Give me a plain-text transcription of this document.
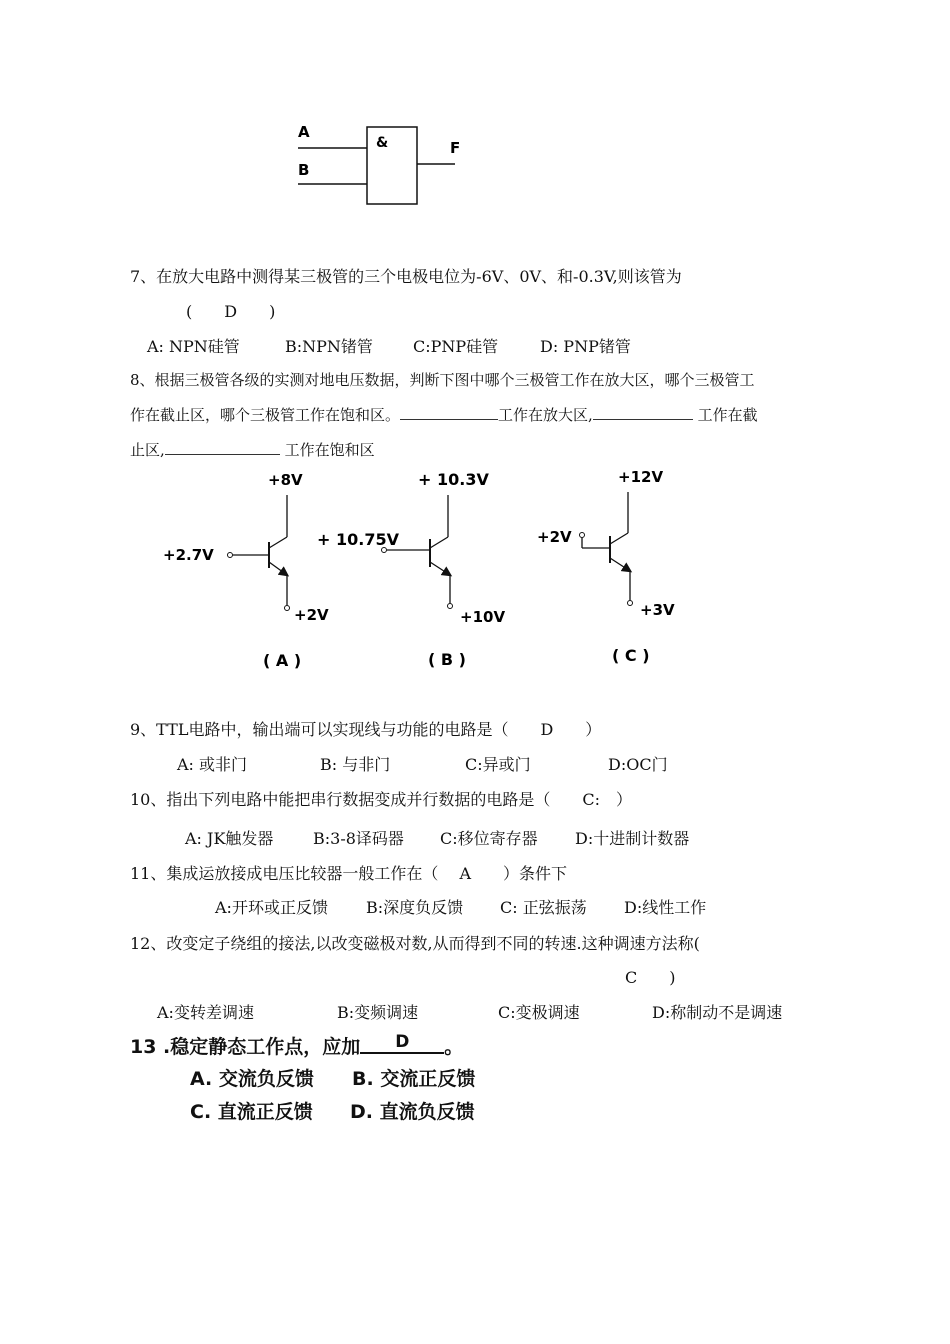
A
B
&	F
7、在放大电路中测得某三极管的三个电极电位为-6V、0V、和-0.3V,则该管为
(　　D　　)
A: NPN硅管	B:NPN锗管	C:PNP硅管	D: PNP锗管
8、根据三极管各级的实测对地电压数据，判断下图中哪个三极管工作在放大区，哪个三极管工
作在截止区，哪个三极管工作在饱和区。	工作在放大区,	工作在截
止区,	工作在饱和区
+8V
+2.7V
+2V
( A )
+ 10.3V
+ 10.75V
+10V
( B )
+12V
+2V
+3V
( C )
9、TTL电路中，输出端可以实现线与功能的电路是（　　D　　）
A: 或非门	B: 与非门	C:异或门	D:OC门
10、指出下列电路中能把串行数据变成并行数据的电路是（　　C:　）
A: JK触发器 B:3-8译码器 C:移位寄存器 D:十进制计数器
11、集成运放接成电压比较器一般工作在（　 A　　）条件下
A:开环或正反馈 B:深度负反馈 C: 正弦振荡 D:线性工作
12、改变定子绕组的接法,以改变磁极对数,从而得到不同的转速.这种调速方法称(
C　　)
A:变转差调速	B:变频调速	C:变极调速	D:称制动不是调速
13 .稳定静态工作点，应加 D 。
A. 交流负反馈 B. 交流正反馈
C. 直流正反馈 D. 直流负反馈
